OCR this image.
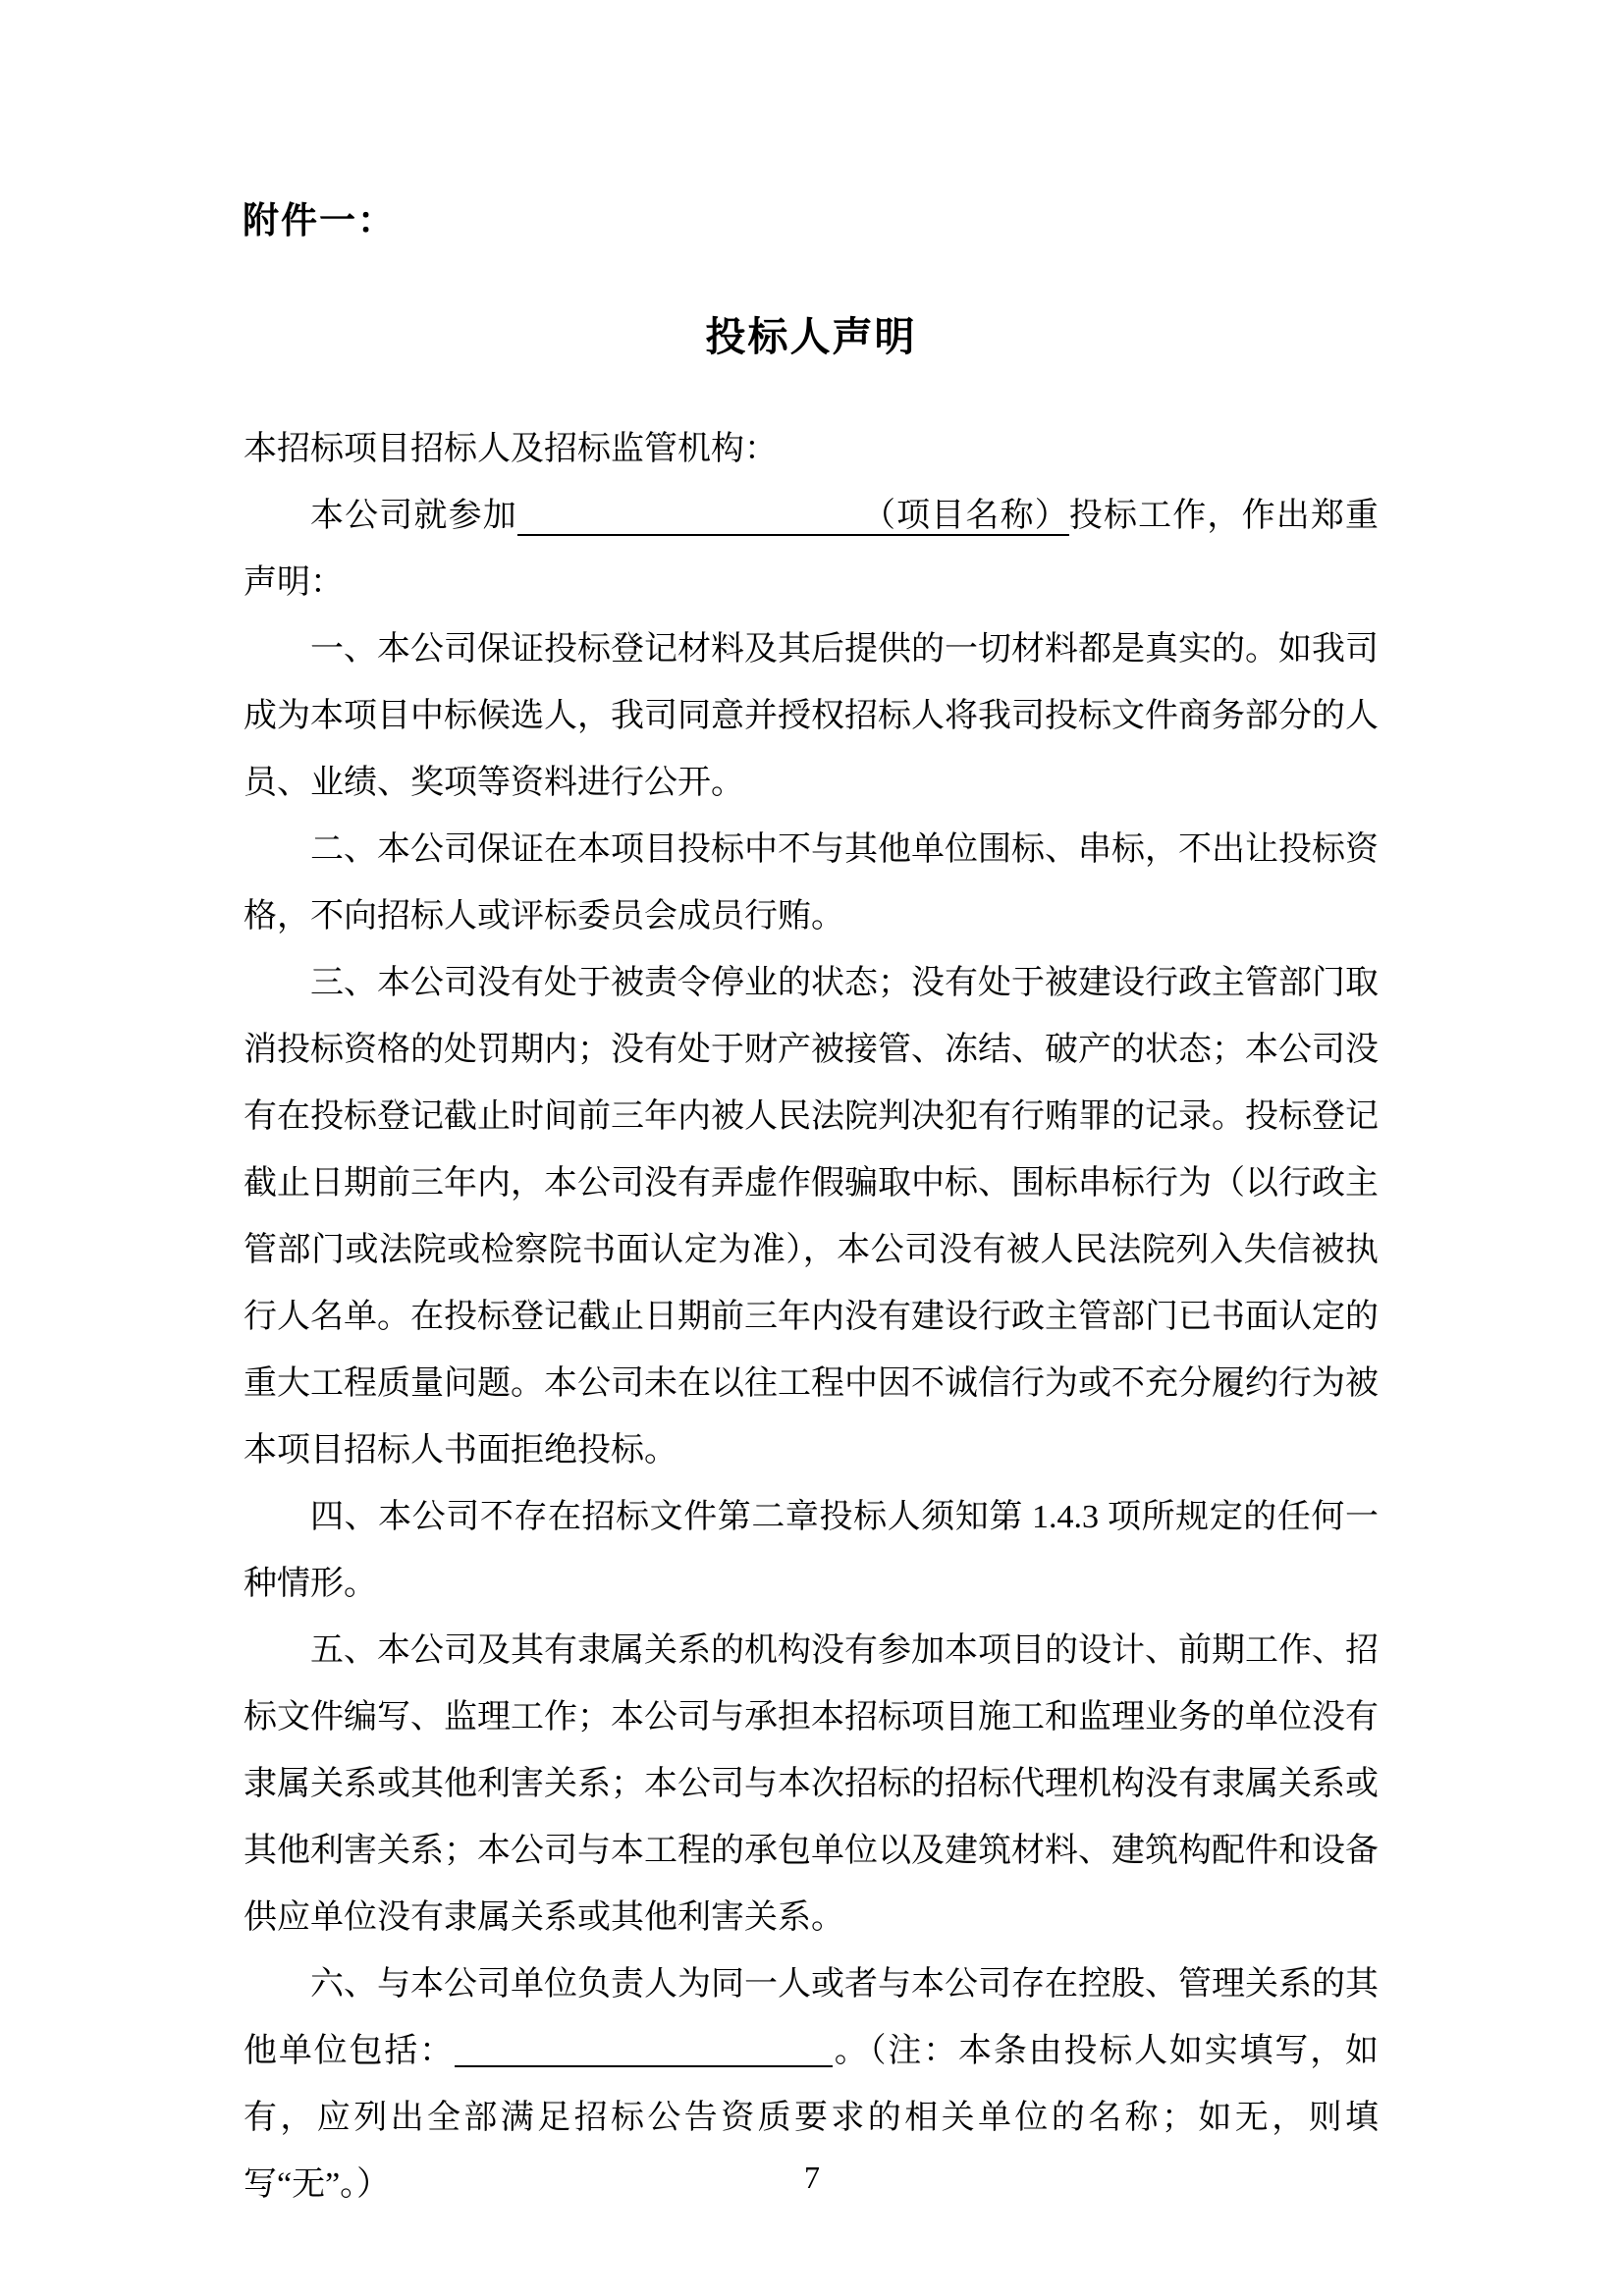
附件一：
投标人声明

本招标项目招标人及招标监管机构：

本公司就参加	（项目名称）投标工作，作出郑重声明：

一、本公司保证投标登记材料及其后提供的一切材料都是真实的。如我司成为本项目中标候选人，我司同意并授权招标人将我司投标文件商务部分的人员、业绩、奖项等资料进行公开。

二、本公司保证在本项目投标中不与其他单位围标、串标，不出让投标资格，不向招标人或评标委员会成员行贿。

三、本公司没有处于被责令停业的状态；没有处于被建设行政主管部门取消投标资格的处罚期内；没有处于财产被接管、冻结、破产的状态；本公司没有在投标登记截止时间前三年内被人民法院判决犯有行贿罪的记录。投标登记截止日期前三年内，本公司没有弄虚作假骗取中标、围标串标行为（以行政主管部门或法院或检察院书面认定为准），本公司没有被人民法院列入失信被执行人名单。在投标登记截止日期前三年内没有建设行政主管部门已书面认定的重大工程质量问题。本公司未在以往工程中因不诚信行为或不充分履约行为被本项目招标人书面拒绝投标。

四、本公司不存在招标文件第二章投标人须知第 1.4.3 项所规定的任何一种情形。

五、本公司及其有隶属关系的机构没有参加本项目的设计、前期工作、招标文件编写、监理工作；本公司与承担本招标项目施工和监理业务的单位没有隶属关系或其他利害关系；本公司与本次招标的招标代理机构没有隶属关系或其他利害关系；本公司与本工程的承包单位以及建筑材料、建筑构配件和设备供应单位没有隶属关系或其他利害关系。

六、与本公司单位负责人为同一人或者与本公司存在控股、管理关系的其他单位包括：	。（注：本条由投标人如实填写，如有，应列出全部满足招标公告资质要求的相关单位的名称；如无，则填写“无”。）	7
